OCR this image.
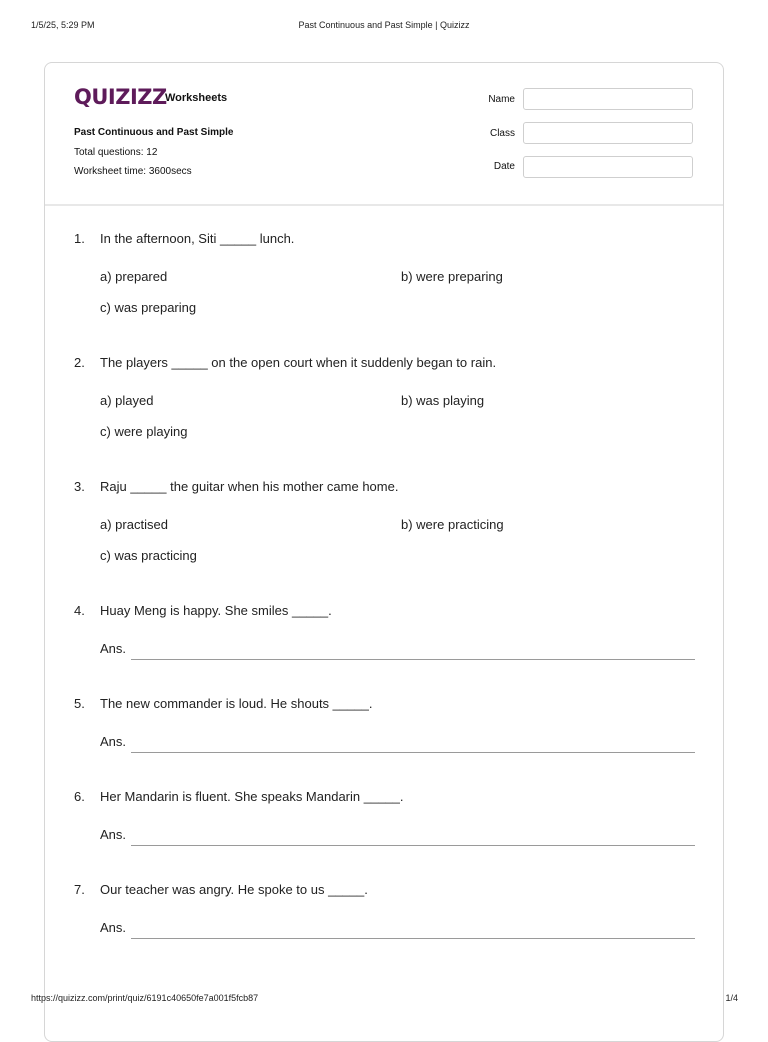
1/5/25, 5:29 PM	Past Continuous and Past Simple | Quizizz
QUIZIZZ
Worksheets
Past Continuous and Past Simple
Total questions: 12
Worksheet time: 3600secs
Name
Class
Date
1. In the afternoon, Siti _____ lunch.
a) prepared	b) were preparing
c) was preparing
2. The players _____ on the open court when it suddenly began to rain.
a) played	b) was playing
c) were playing
3. Raju _____ the guitar when his mother came home.
a) practised	b) were practicing
c) was practicing
4. Huay Meng is happy. She smiles _____.
Ans.
5. The new commander is loud. He shouts _____.
Ans.
6. Her Mandarin is fluent. She speaks Mandarin _____.
Ans.
7. Our teacher was angry. He spoke to us _____.
Ans.
https://quizizz.com/print/quiz/6191c40650fe7a001f5fcb87	1/4
